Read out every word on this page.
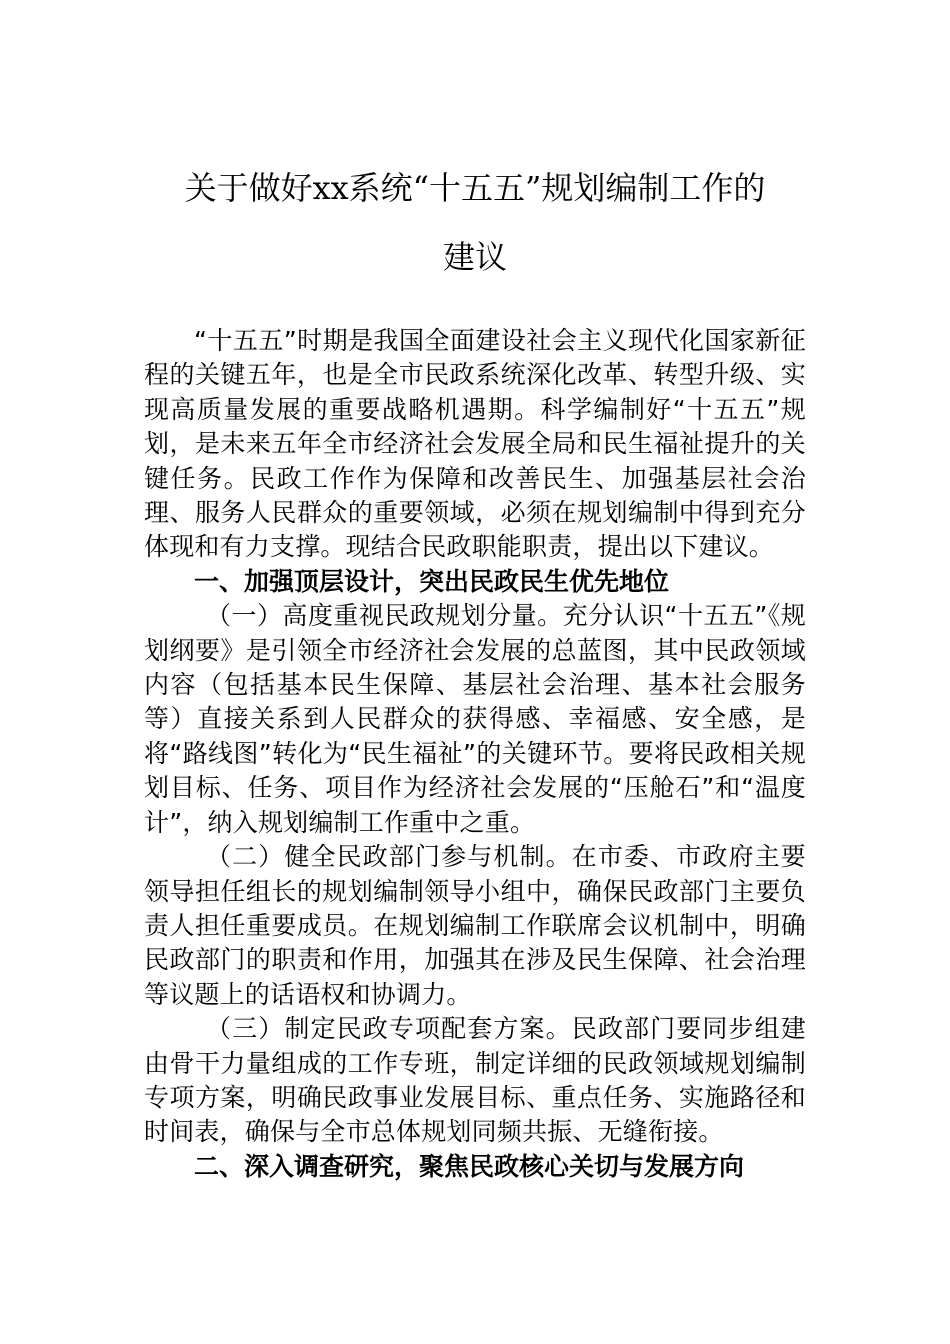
关于做好xx系统“十五五”规划编制工作的
建议

“十五五”时期是我国全面建设社会主义现代化国家新征程的关键五年，也是全市民政系统深化改革、转型升级、实现高质量发展的重要战略机遇期。科学编制好“十五五”规划，是未来五年全市经济社会发展全局和民生福祉提升的关键任务。民政工作作为保障和改善民生、加强基层社会治理、服务人民群众的重要领域，必须在规划编制中得到充分体现和有力支撑。现结合民政职能职责，提出以下建议。

一、加强顶层设计，突出民政民生优先地位

（一）高度重视民政规划分量。充分认识“十五五”《规划纲要》是引领全市经济社会发展的总蓝图，其中民政领域内容（包括基本民生保障、基层社会治理、基本社会服务等）直接关系到人民群众的获得感、幸福感、安全感，是将“路线图”转化为“民生福祉”的关键环节。要将民政相关规划目标、任务、项目作为经济社会发展的“压舱石”和“温度计”，纳入规划编制工作重中之重。

（二）健全民政部门参与机制。在市委、市政府主要领导担任组长的规划编制领导小组中，确保民政部门主要负责人担任重要成员。在规划编制工作联席会议机制中，明确民政部门的职责和作用，加强其在涉及民生保障、社会治理等议题上的话语权和协调力。

（三）制定民政专项配套方案。民政部门要同步组建由骨干力量组成的工作专班，制定详细的民政领域规划编制专项方案，明确民政事业发展目标、重点任务、实施路径和时间表，确保与全市总体规划同频共振、无缝衔接。

二、深入调查研究，聚焦民政核心关切与发展方向
